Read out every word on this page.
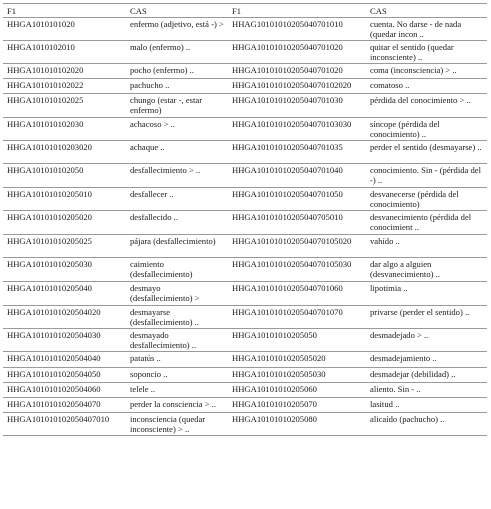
F1	CAS	F1	CAS
HHGA1010101020	enfermo (adjetivo, está -) >	HHAG10101010205040701010	cuenta. No darse - de nada (quedar incon ..
HHGA1010102010	malo (enfermo) ..	HHGA10101010205040701020	quitar el sentido (quedar inconsciente) ..
HHGA101010102020	pocho (enfermo) ..	HHGA10101010205040701020	coma (inconsciencia) > ..
HHGA101010102022	pachucho ..	HHGA1010101020504070102020	comatoso ..
HHGA101010102025	chungo (estar -, estar enfermo)	HHGA10101010205040701030	pérdida del conocimiento > ..
HHGA101010102030	achacoso > ..	HHGA1010101020504070103030	síncope (pérdida del conocimiento) ..
HHGA10101010203020	achaque ..	HHGA10101010205040701035	perder el sentido (desmayarse) ..
HHGA101010102050	desfallecimiento > ..	HHGA10101010205040701040	conocimiento. Sin - (pérdida del -) ..
HHGA10101010205010	desfallecer ..	HHGA10101010205040701050	desvanecerse (pérdida del conocimiento)
HHGA10101010205020	desfallecido ..	HHGA10101010205040705010	desvanecimiento (pérdida del conocimient ..
HHGA10101010205025	pájara (desfallecimiento)	HHGA1010101020504070105020	vahído ..
HHGA10101010205030	caimiento (desfallecimiento)	HHGA1010101020504070105030	dar algo a alguien (desvanecimiento) ..
HHGA10101010205040	desmayo (desfallecimiento) >	HHGA10101010205040701060	lipotimia ..
HHGA1010101020504020	desmayarse (desfallecimiento) ..	HHGA10101010205040701070	privarse (perder el sentido) ..
HHGA1010101020504030	desmayado desfallecimiento) ..	HHGA10101010205050	desmadejado > ..
HHGA1010101020504040	patatús ..	HHGA1010101020505020	desmadejamiento ..
HHGA1010101020504050	soponcio ..	HHGA1010101020505030	desmadejar (debilidad) ..
HHGA1010101020504060	telele ..	HHGA10101010205060	aliento. Sin - ..
HHGA1010101020504070	perder la consciencia > ..	HHGA10101010205070	lasitud ..
HHGA101010102050407010	inconsciencia (quedar inconsciente) > ..	HHGA10101010205080	alicaído (pachucho) ..
